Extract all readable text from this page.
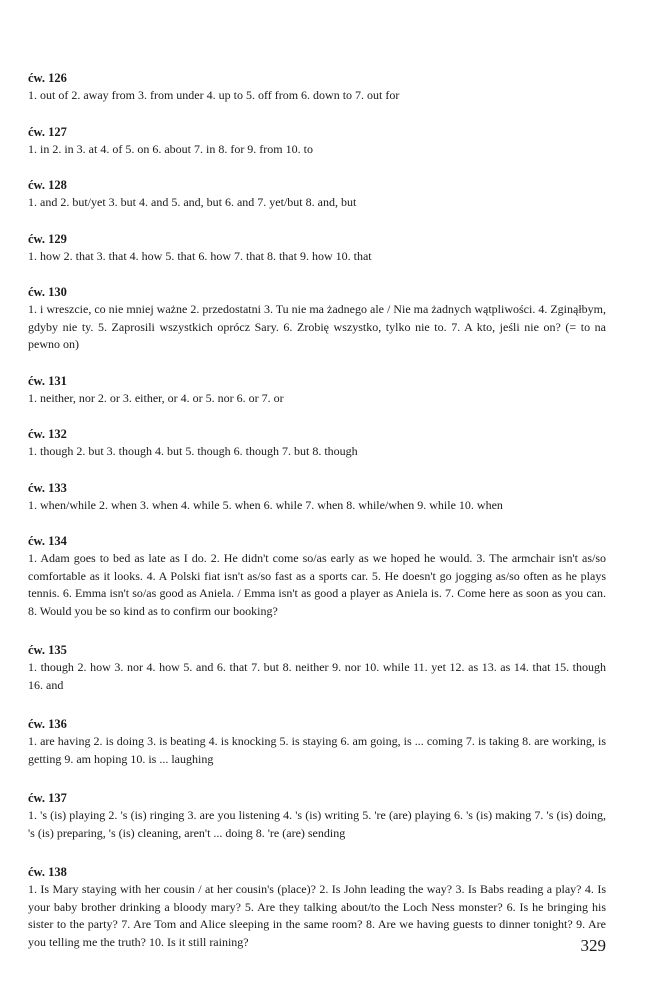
ćw. 126

1. out of 2. away from 3. from under 4. up to 5. off from 6. down to 7. out for

ćw. 127

1. in 2. in 3. at 4. of 5. on 6. about 7. in 8. for 9. from 10. to

ćw. 128

1. and 2. but/yet 3. but 4. and 5. and, but 6. and 7. yet/but 8. and, but

ćw. 129

1. how 2. that 3. that 4. how 5. that 6. how 7. that 8. that 9. how 10. that

ćw. 130

1. i wreszcie, co nie mniej ważne 2. przedostatni 3. Tu nie ma żadnego ale / Nie ma żadnych wątpliwości. 4. Zginąłbym, gdyby nie ty. 5. Zaprosili wszystkich oprócz Sary. 6. Zrobię wszystko, tylko nie to. 7. A kto, jeśli nie on? (= to na pewno on)

ćw. 131

1. neither, nor 2. or 3. either, or 4. or 5. nor 6. or 7. or

ćw. 132

1. though 2. but 3. though 4. but 5. though 6. though 7. but 8. though

ćw. 133

1. when/while 2. when 3. when 4. while 5. when 6. while 7. when 8. while/when 9. while 10. when

ćw. 134

1. Adam goes to bed as late as I do. 2. He didn't come so/as early as we hoped he would. 3. The armchair isn't as/so comfortable as it looks. 4. A Polski fiat isn't as/so fast as a sports car. 5. He doesn't go jogging as/so often as he plays tennis. 6. Emma isn't so/as good as Aniela. / Emma isn't as good a player as Aniela is. 7. Come here as soon as you can. 8. Would you be so kind as to confirm our booking?

ćw. 135

1. though 2. how 3. nor 4. how 5. and 6. that 7. but 8. neither 9. nor 10. while 11. yet 12. as 13. as 14. that 15. though 16. and

ćw. 136

1. are having 2. is doing 3. is beating 4. is knocking 5. is staying 6. am going, is ... coming 7. is taking 8. are working, is getting 9. am hoping 10. is ... laughing

ćw. 137

1. 's (is) playing 2. 's (is) ringing 3. are you listening 4. 's (is) writing 5. 're (are) playing 6. 's (is) making 7. 's (is) doing, 's (is) preparing, 's (is) cleaning, aren't ... doing 8. 're (are) sending

ćw. 138

1. Is Mary staying with her cousin / at her cousin's (place)? 2. Is John leading the way? 3. Is Babs reading a play? 4. Is your baby brother drinking a bloody mary? 5. Are they talking about/to the Loch Ness monster? 6. Is he bringing his sister to the party? 7. Are Tom and Alice sleeping in the same room? 8. Are we having guests to dinner tonight? 9. Are you telling me the truth? 10. Is it still raining?	329
